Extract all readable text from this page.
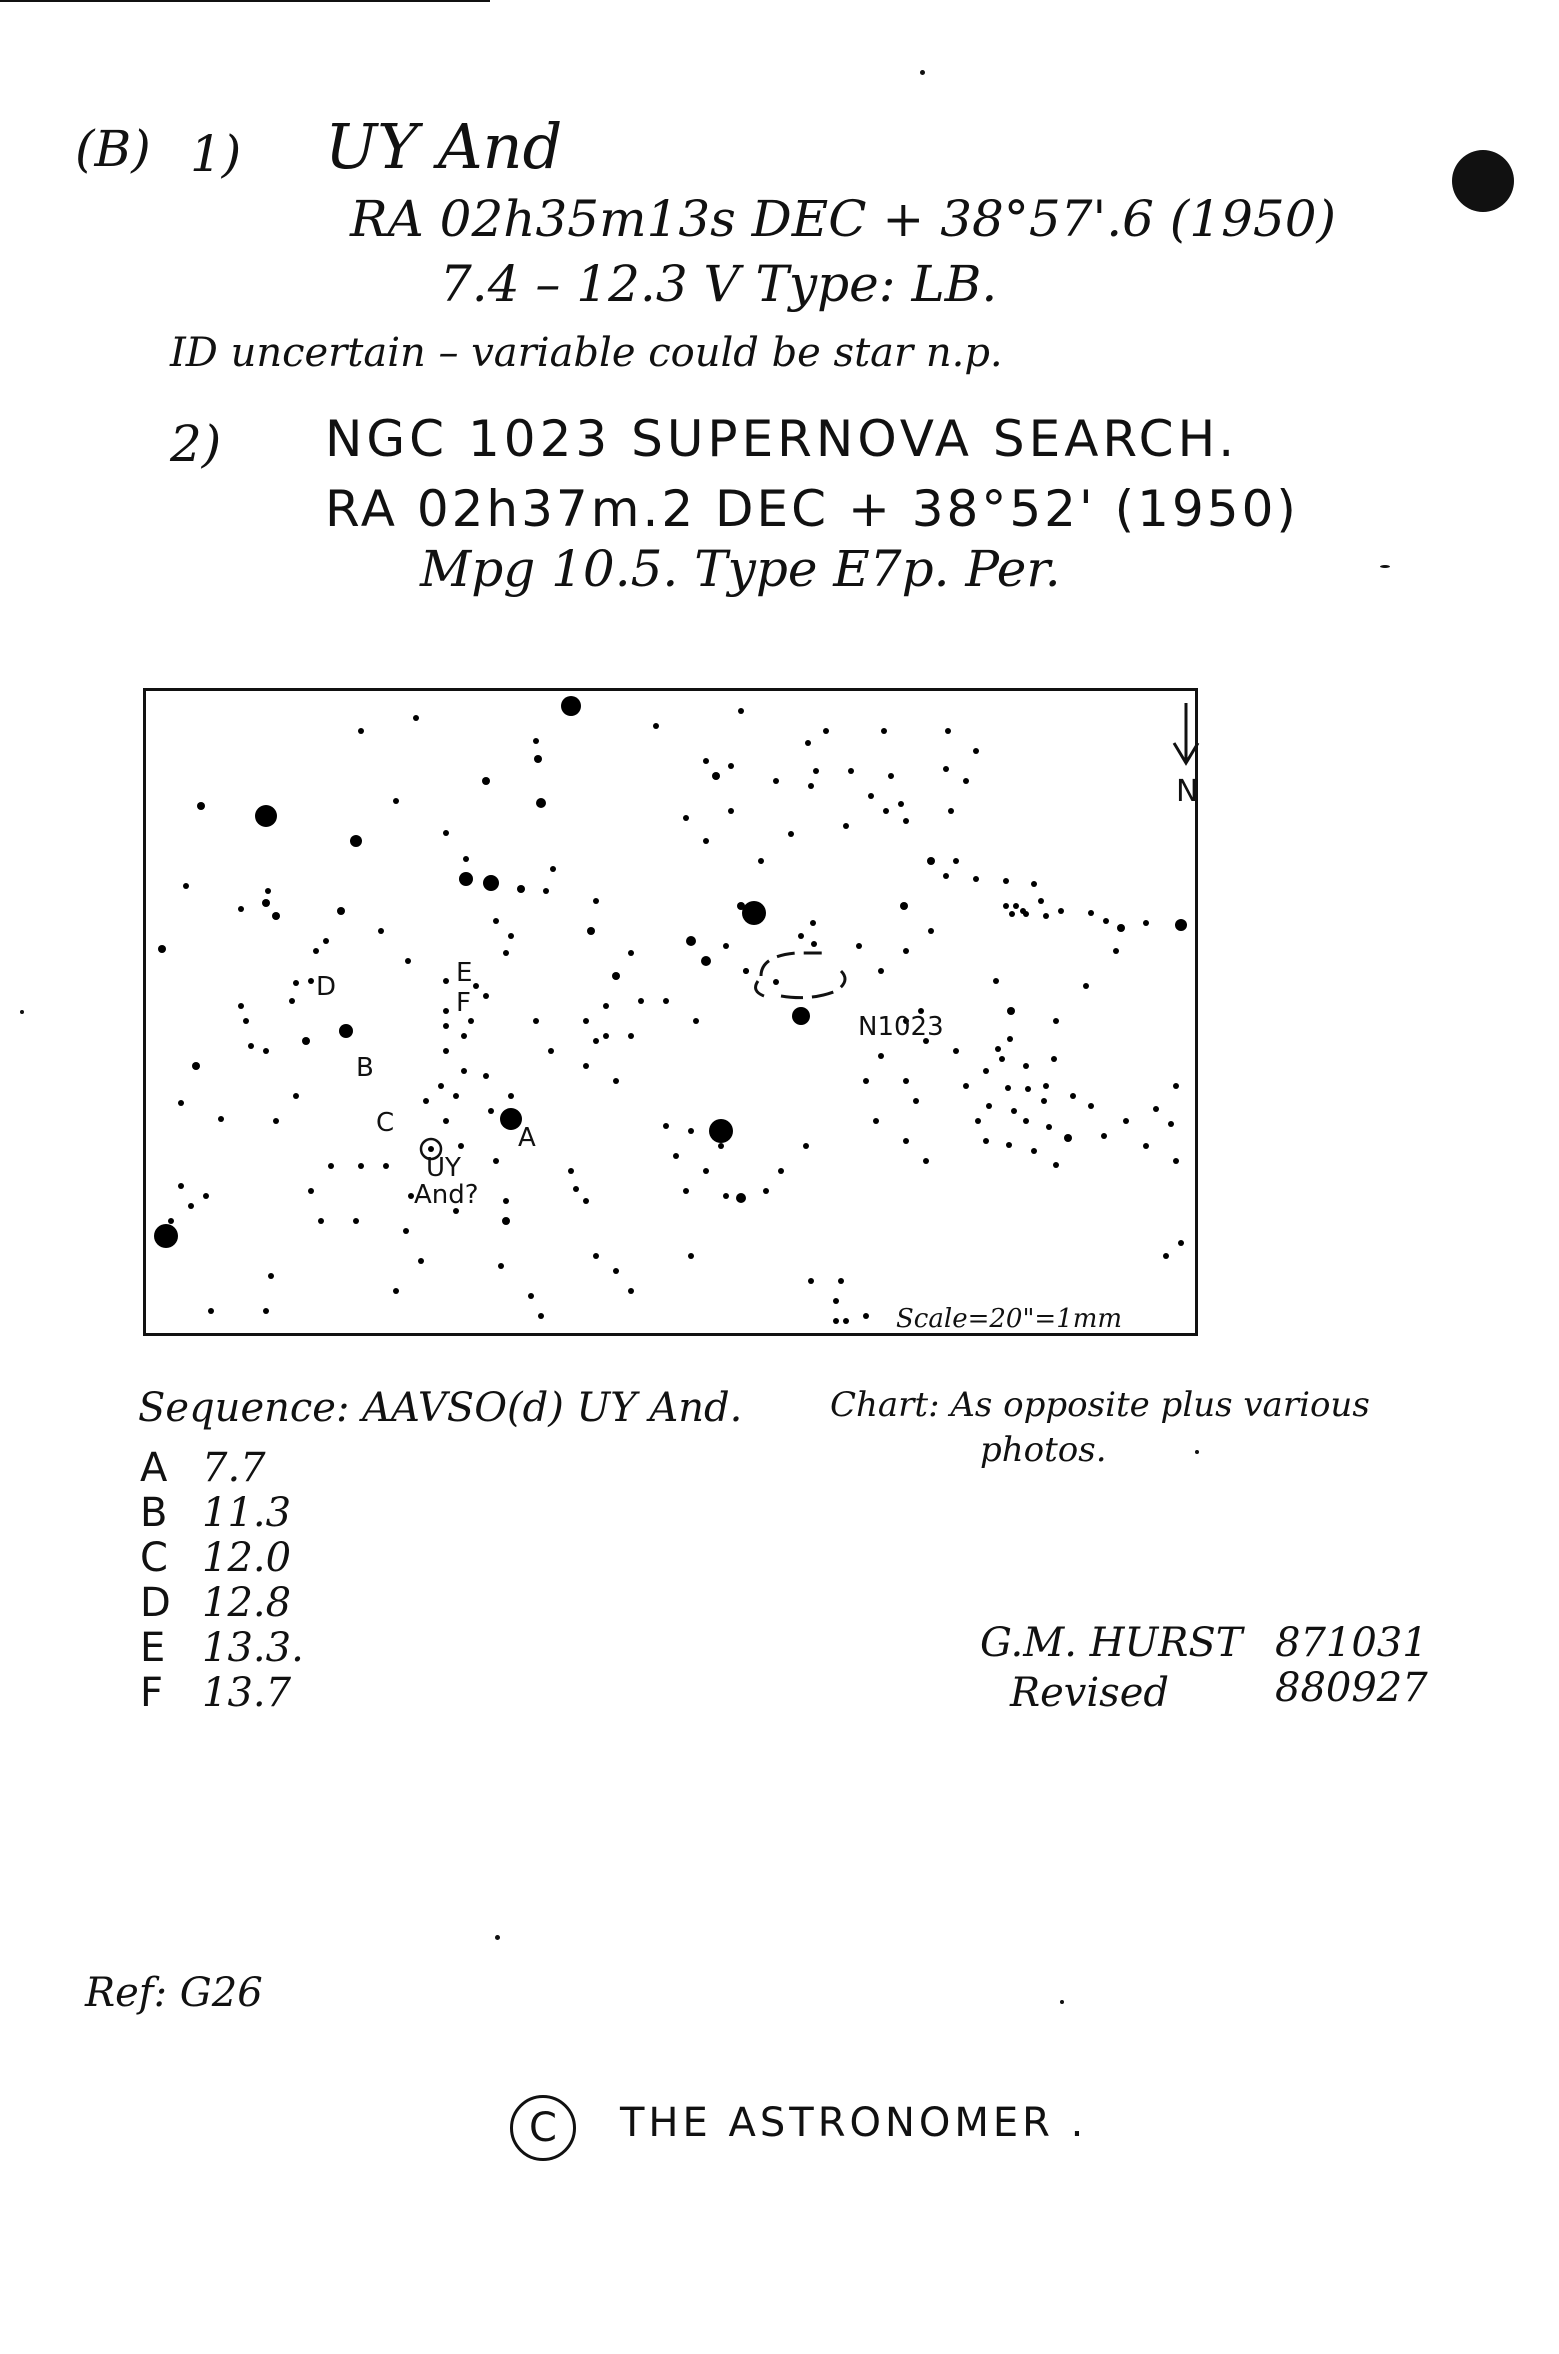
(B) 1) UY And
RA 02h35m13s DEC + 38°57'.6 (1950)
7.4 – 12.3 V Type: LB.
ID uncertain – variable could be star n.p.
2) NGC 1023 SUPERNOVA SEARCH.
RA 02h37m.2 DEC + 38°52' (1950)
Mpg 10.5. Type E7p. Per.
N
D
B
C
E
F
A
UY
And?
N1023
Scale=20"=1mm
Sequence: AAVSO(d) UY And.
A 7.7
B 11.3
C 12.0
D 12.8
E 13.3.
F 13.7
Chart: As opposite plus various
photos.
G.M. HURST 871031
Revised	880927
Ref: G26
C	THE ASTRONOMER .
